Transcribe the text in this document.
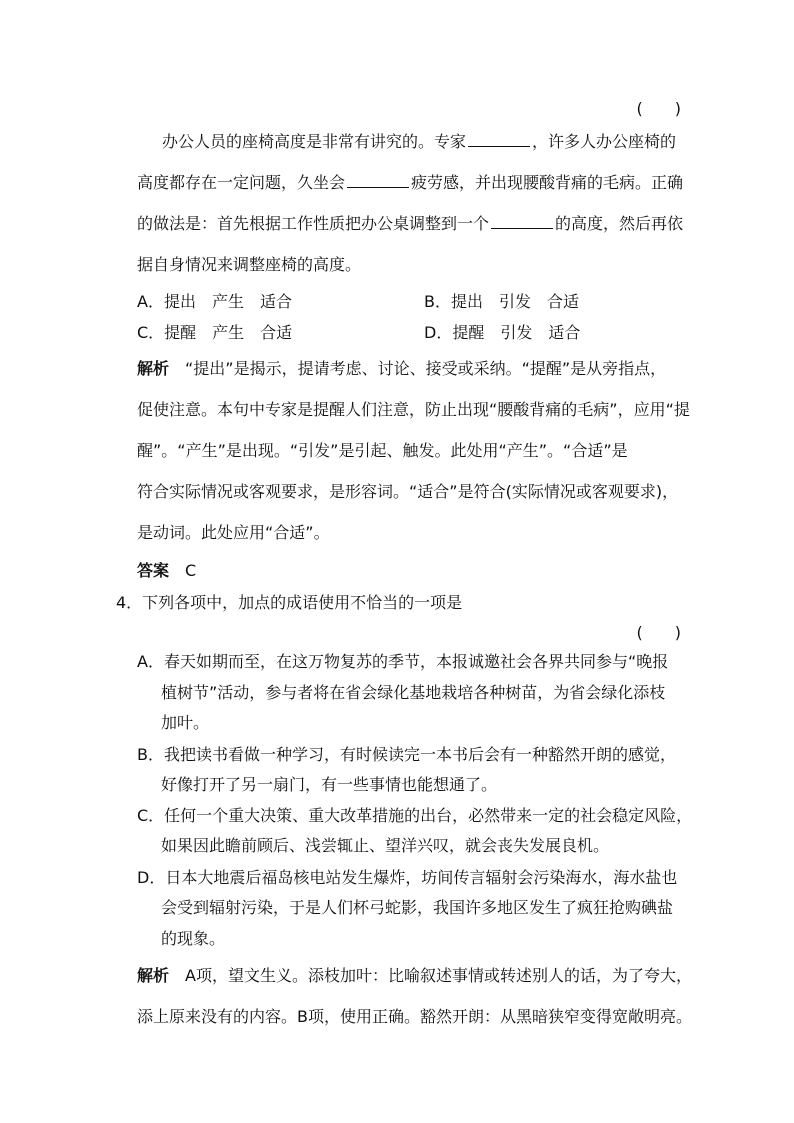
(　　)
办公人员的座椅高度是非常有讲究的。专家	，许多人办公座椅的
高度都存在一定问题，久坐会	疲劳感，并出现腰酸背痛的毛病。正确
的做法是：首先根据工作性质把办公桌调整到一个	的高度，然后再依
据自身情况来调整座椅的高度。
A．提出　产生　适合	B．提出　引发　合适
C．提醒　产生　合适	D．提醒　引发　适合
解析 “提出”是揭示，提请考虑、讨论、接受或采纳。“提醒”是从旁指点，
促使注意。本句中专家是提醒人们注意，防止出现“腰酸背痛的毛病”，应用“提
醒”。“产生”是出现。“引发”是引起、触发。此处用“产生”。“合适”是
符合实际情况或客观要求，是形容词。“适合”是符合(实际情况或客观要求)，
是动词。此处应用“合适”。
答案 C
4．下列各项中，加点的成语使用不恰当的一项是
(　　)
A．春天如期而至，在这万物复苏的季节，本报诚邀社会各界共同参与“晚报
植树节”活动，参与者将在省会绿化基地栽培各种树苗，为省会绿化添枝
加叶。
B．我把读书看做一种学习，有时候读完一本书后会有一种豁然开朗的感觉，
好像打开了另一扇门，有一些事情也能想通了。
C．任何一个重大决策、重大改革措施的出台，必然带来一定的社会稳定风险，
如果因此瞻前顾后、浅尝辄止、望洋兴叹，就会丧失发展良机。
D．日本大地震后福岛核电站发生爆炸，坊间传言辐射会污染海水，海水盐也
会受到辐射污染，于是人们杯弓蛇影，我国许多地区发生了疯狂抢购碘盐
的现象。
解析 A项，望文生义。添枝加叶：比喻叙述事情或转述别人的话，为了夸大，
添上原来没有的内容。B项，使用正确。豁然开朗：从黑暗狭窄变得宽敞明亮。
